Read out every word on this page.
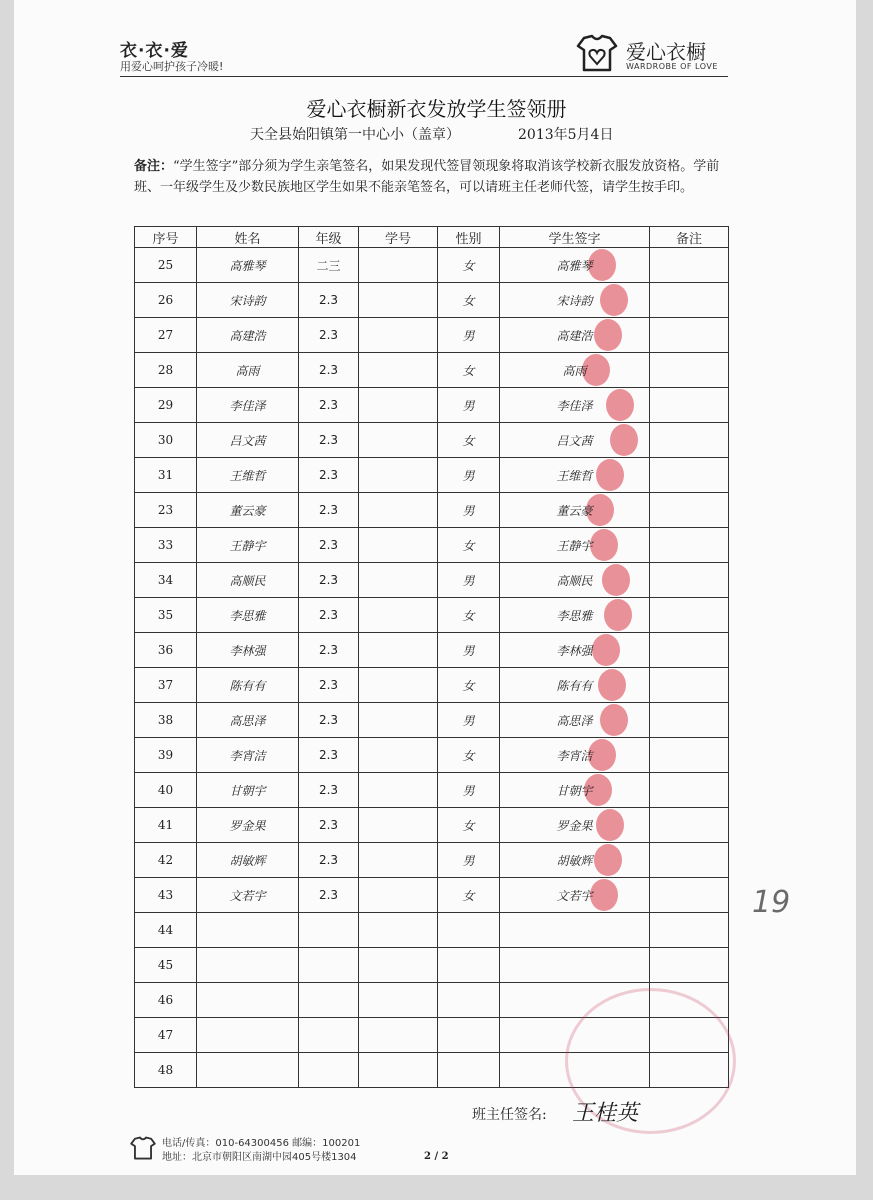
衣·衣·爱
用爱心呵护孩子冷暖!
爱心衣橱
WARDROBE OF LOVE
爱心衣橱新衣发放学生签领册
天全县始阳镇第一中心小（盖章）	2013年5月4日
备注：“学生签字”部分须为学生亲笔签名，如果发现代签冒领现象将取消该学校新衣服发放资格。学前班、一年级学生及少数民族地区学生如果不能亲笔签名，可以请班主任老师代签，请学生按手印。
序号	姓名	年级	学号	性别	学生签字	备注
25	高雅琴	二三		女	高雅琴

26	宋诗韵	2.3		女	宋诗韵

27	高建浩	2.3		男	高建浩

28	高雨	2.3		女	高雨

29	李佳泽	2.3		男	李佳泽

30	吕文茜	2.3		女	吕文茜

31	王维哲	2.3		男	王维哲

23	董云豪	2.3		男	董云豪

33	王静宇	2.3		女	王静宇

34	高顺民	2.3		男	高顺民

35	李思雅	2.3		女	李思雅

36	李林强	2.3		男	李林强

37	陈有有	2.3		女	陈有有

38	高思泽	2.3		男	高思泽

39	李宵洁	2.3		女	李宵洁

40	甘朝宇	2.3		男	甘朝宇

41	罗金果	2.3		女	罗金果

42	胡敏辉	2.3		男	胡敏辉

43	文若宇	2.3		女	文若宇

44						
45						
46						
47						
48						
19
班主任签名: 王桂英
电话/传真：010-64300456 邮编：100201
地址：北京市朝阳区南湖中园405号楼1304	2 / 2
